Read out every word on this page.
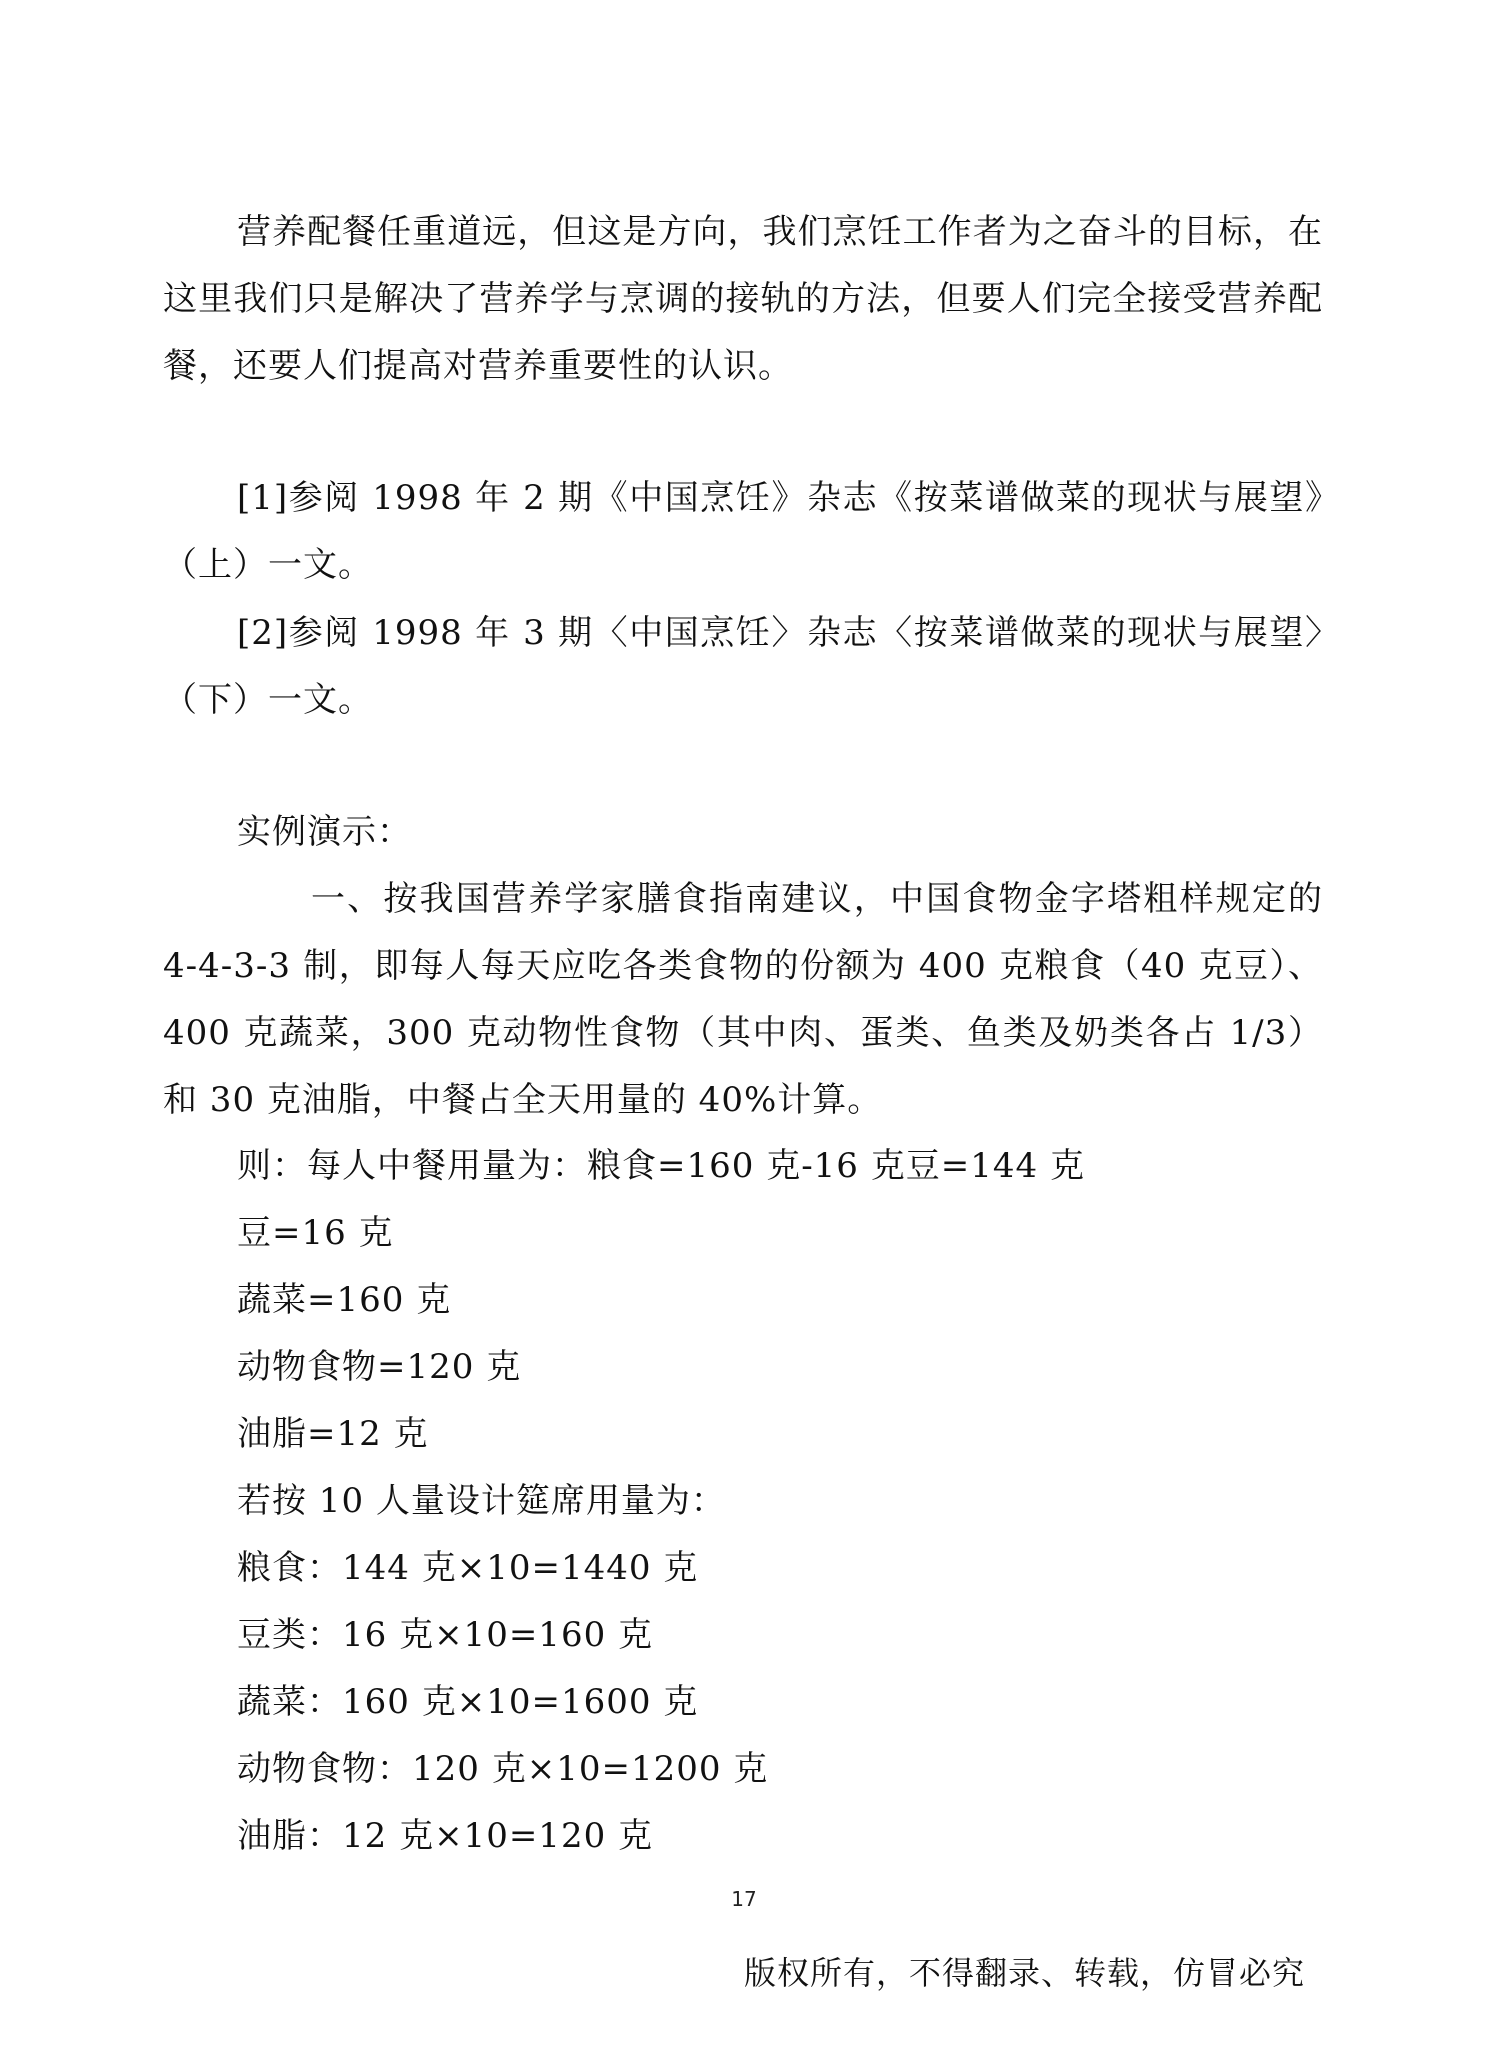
营养配餐任重道远，但这是方向，我们烹饪工作者为之奋斗的目标，在这里我们只是解决了营养学与烹调的接轨的方法，但要人们完全接受营养配餐，还要人们提高对营养重要性的认识。

[1]参阅 1998 年 2 期《中国烹饪》杂志《按菜谱做菜的现状与展望》（上）一文。

[2]参阅 1998 年 3 期〈中国烹饪〉杂志〈按菜谱做菜的现状与展望〉（下）一文。

实例演示：

一、按我国营养学家膳食指南建议，中国食物金字塔粗样规定的 4-4-3-3 制，即每人每天应吃各类食物的份额为 400 克粮食（40 克豆）、400 克蔬菜，300 克动物性食物（其中肉、蛋类、鱼类及奶类各占 1/3）和 30 克油脂，中餐占全天用量的 40%计算。

则：每人中餐用量为：粮食=160 克-16 克豆=144 克

豆=16 克

蔬菜=160 克

动物食物=120 克

油脂=12 克

若按 10 人量设计筵席用量为：

粮食：144 克×10=1440 克

豆类：16 克×10=160 克

蔬菜：160 克×10=1600 克

动物食物：120 克×10=1200 克

油脂：12 克×10=120 克

17
版权所有，不得翻录、转载，仿冒必究
